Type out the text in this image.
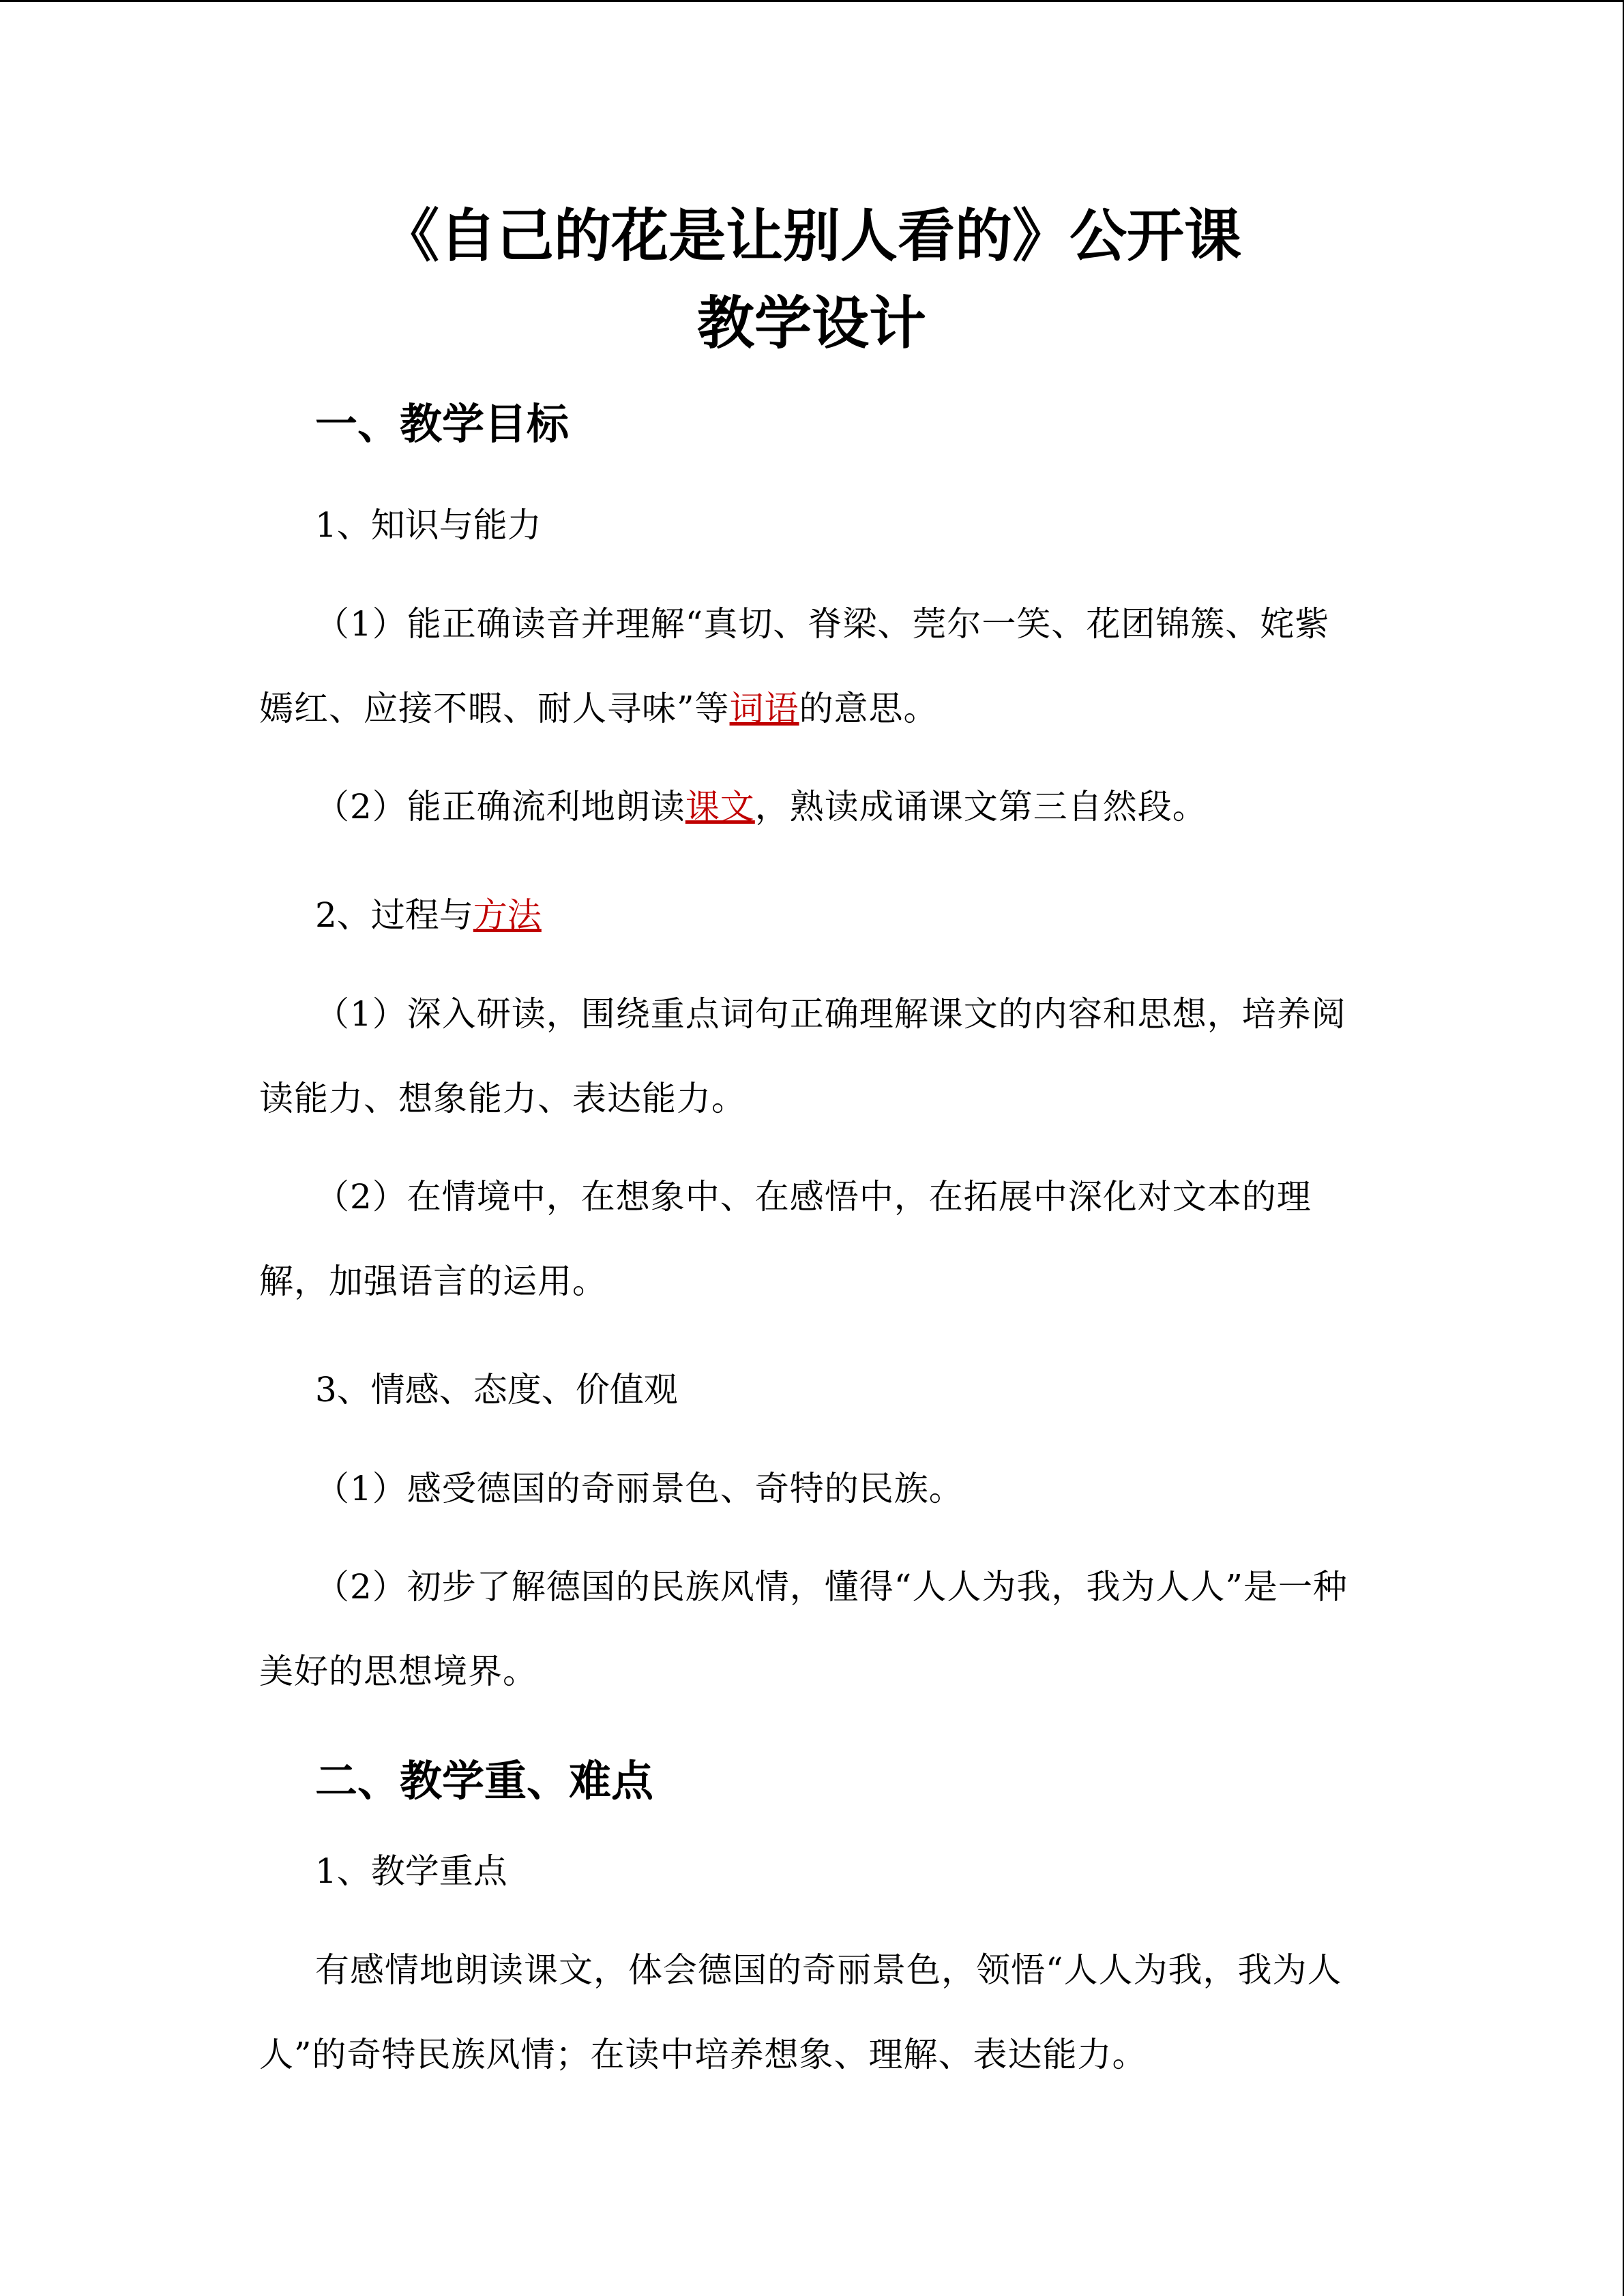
《自己的花是让别人看的》公开课
教学设计
一、教学目标

1、知识与能力

（1）能正确读音并理解“真切、脊梁、莞尔一笑、花团锦簇、姹紫嫣红、应接不暇、耐人寻味”等词语的意思。

（2）能正确流利地朗读课文，熟读成诵课文第三自然段。

2、过程与方法

（1）深入研读，围绕重点词句正确理解课文的内容和思想，培养阅读能力、想象能力、表达能力。

（2）在情境中，在想象中、在感悟中，在拓展中深化对文本的理解，加强语言的运用。

3、情感、态度、价值观

（1）感受德国的奇丽景色、奇特的民族。

（2）初步了解德国的民族风情，懂得“人人为我，我为人人”是一种美好的思想境界。

二、教学重、难点

1、教学重点

有感情地朗读课文，体会德国的奇丽景色，领悟“人人为我，我为人人”的奇特民族风情；在读中培养想象、理解、表达能力。
